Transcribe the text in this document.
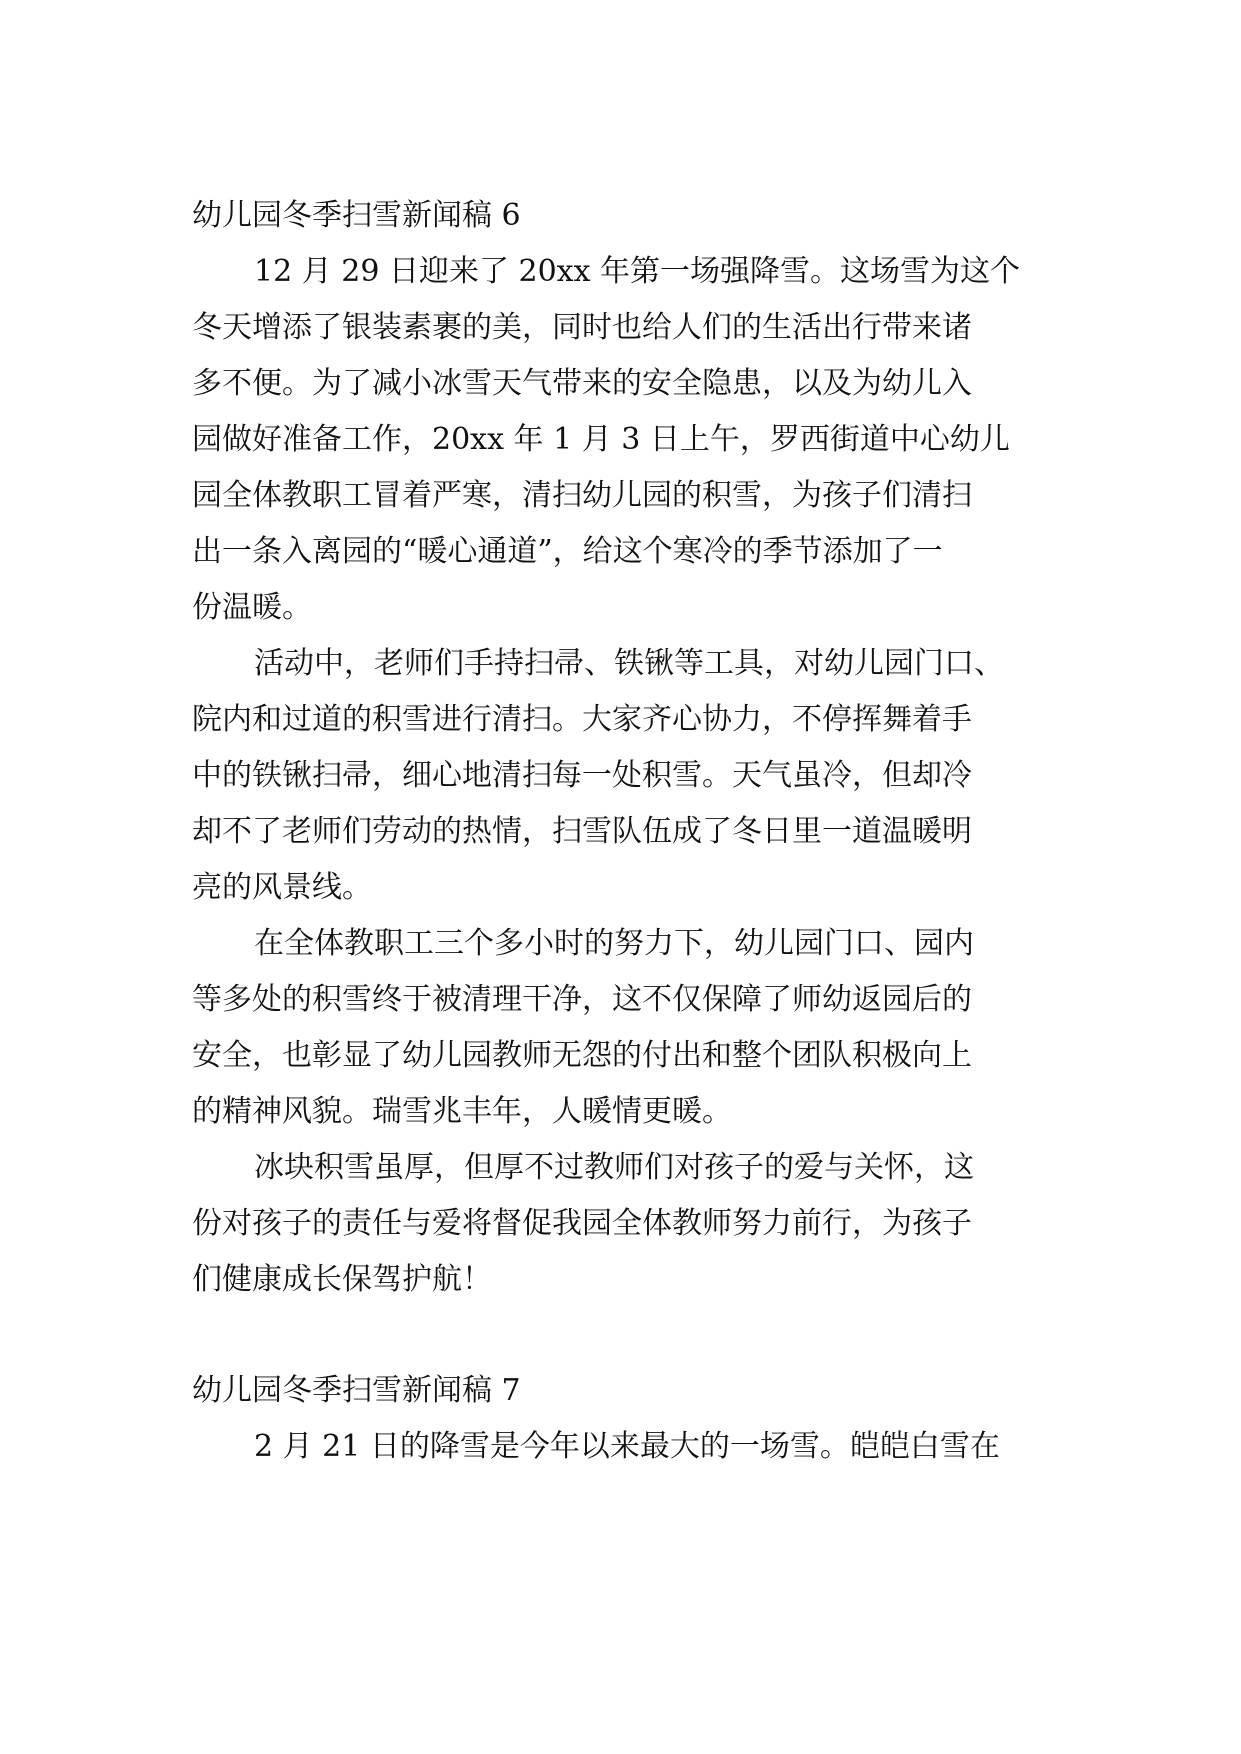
幼儿园冬季扫雪新闻稿 6
12 月 29 日迎来了 20xx 年第一场强降雪。这场雪为这个
冬天增添了银装素裹的美，同时也给人们的生活出行带来诸
多不便。为了减小冰雪天气带来的安全隐患，以及为幼儿入
园做好准备工作，20xx 年 1 月 3 日上午，罗西街道中心幼儿
园全体教职工冒着严寒，清扫幼儿园的积雪，为孩子们清扫
出一条入离园的“暖心通道”，给这个寒冷的季节添加了一
份温暖。
活动中，老师们手持扫帚、铁锹等工具，对幼儿园门口、
院内和过道的积雪进行清扫。大家齐心协力，不停挥舞着手
中的铁锹扫帚，细心地清扫每一处积雪。天气虽冷，但却冷
却不了老师们劳动的热情，扫雪队伍成了冬日里一道温暖明
亮的风景线。
在全体教职工三个多小时的努力下，幼儿园门口、园内
等多处的积雪终于被清理干净，这不仅保障了师幼返园后的
安全，也彰显了幼儿园教师无怨的付出和整个团队积极向上
的精神风貌。瑞雪兆丰年，人暖情更暖。
冰块积雪虽厚，但厚不过教师们对孩子的爱与关怀，这
份对孩子的责任与爱将督促我园全体教师努力前行，为孩子
们健康成长保驾护航！
幼儿园冬季扫雪新闻稿 7
2 月 21 日的降雪是今年以来最大的一场雪。皑皑白雪在
